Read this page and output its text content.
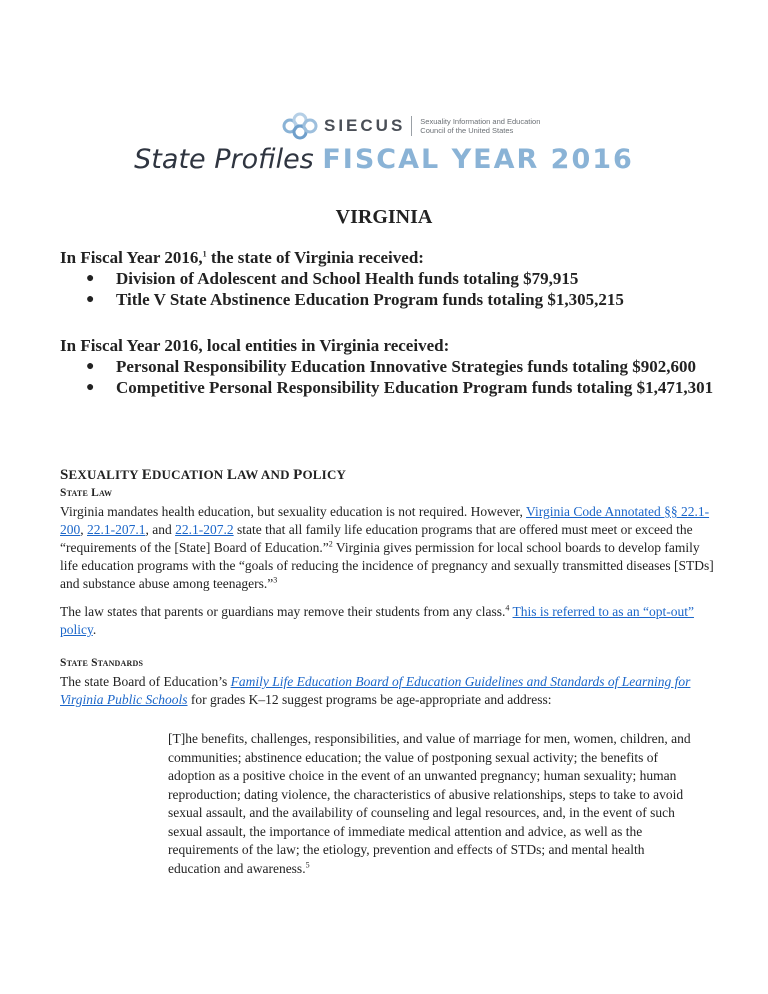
SIECUS Sexuality Information and Education
Council of the United States
State Profiles FISCAL YEAR 2016
VIRGINIA

In Fiscal Year 2016,$^1$ the state of Virginia received:

● Division of Adolescent and School Health funds totaling $79,915
● Title V State Abstinence Education Program funds totaling $1,305,215

In Fiscal Year 2016, local entities in Virginia received:

● Personal Responsibility Education Innovative Strategies funds totaling $902,600
● Competitive Personal Responsibility Education Program funds totaling $1,471,301
SEXUALITY EDUCATION LAW AND POLICY
State Law

Virginia mandates health education, but sexuality education is not required. However, Virginia Code Annotated §§ 22.1-200, 22.1-207.1, and 22.1-207.2 state that all family life education programs that are offered must meet or exceed the “requirements of the [State] Board of Education.”$^2$ Virginia gives permission for local school boards to develop family life education programs with the “goals of reducing the incidence of pregnancy and sexually transmitted diseases [STDs] and substance abuse among teenagers.”$^3$

The law states that parents or guardians may remove their students from any class.$^4$ This is referred to as an “opt-out” policy.

State Standards

The state Board of Education’s Family Life Education Board of Education Guidelines and Standards of Learning for Virginia Public Schools for grades K–12 suggest programs be age-appropriate and address:

[T]he benefits, challenges, responsibilities, and value of marriage for men, women, children, and communities; abstinence education; the value of postponing sexual activity; the benefits of adoption as a positive choice in the event of an unwanted pregnancy; human sexuality; human reproduction; dating violence, the characteristics of abusive relationships, steps to take to avoid sexual assault, and the availability of counseling and legal resources, and, in the event of such sexual assault, the importance of immediate medical attention and advice, as well as the requirements of the law; the etiology, prevention and effects of STDs; and mental health education and awareness.$^5$
